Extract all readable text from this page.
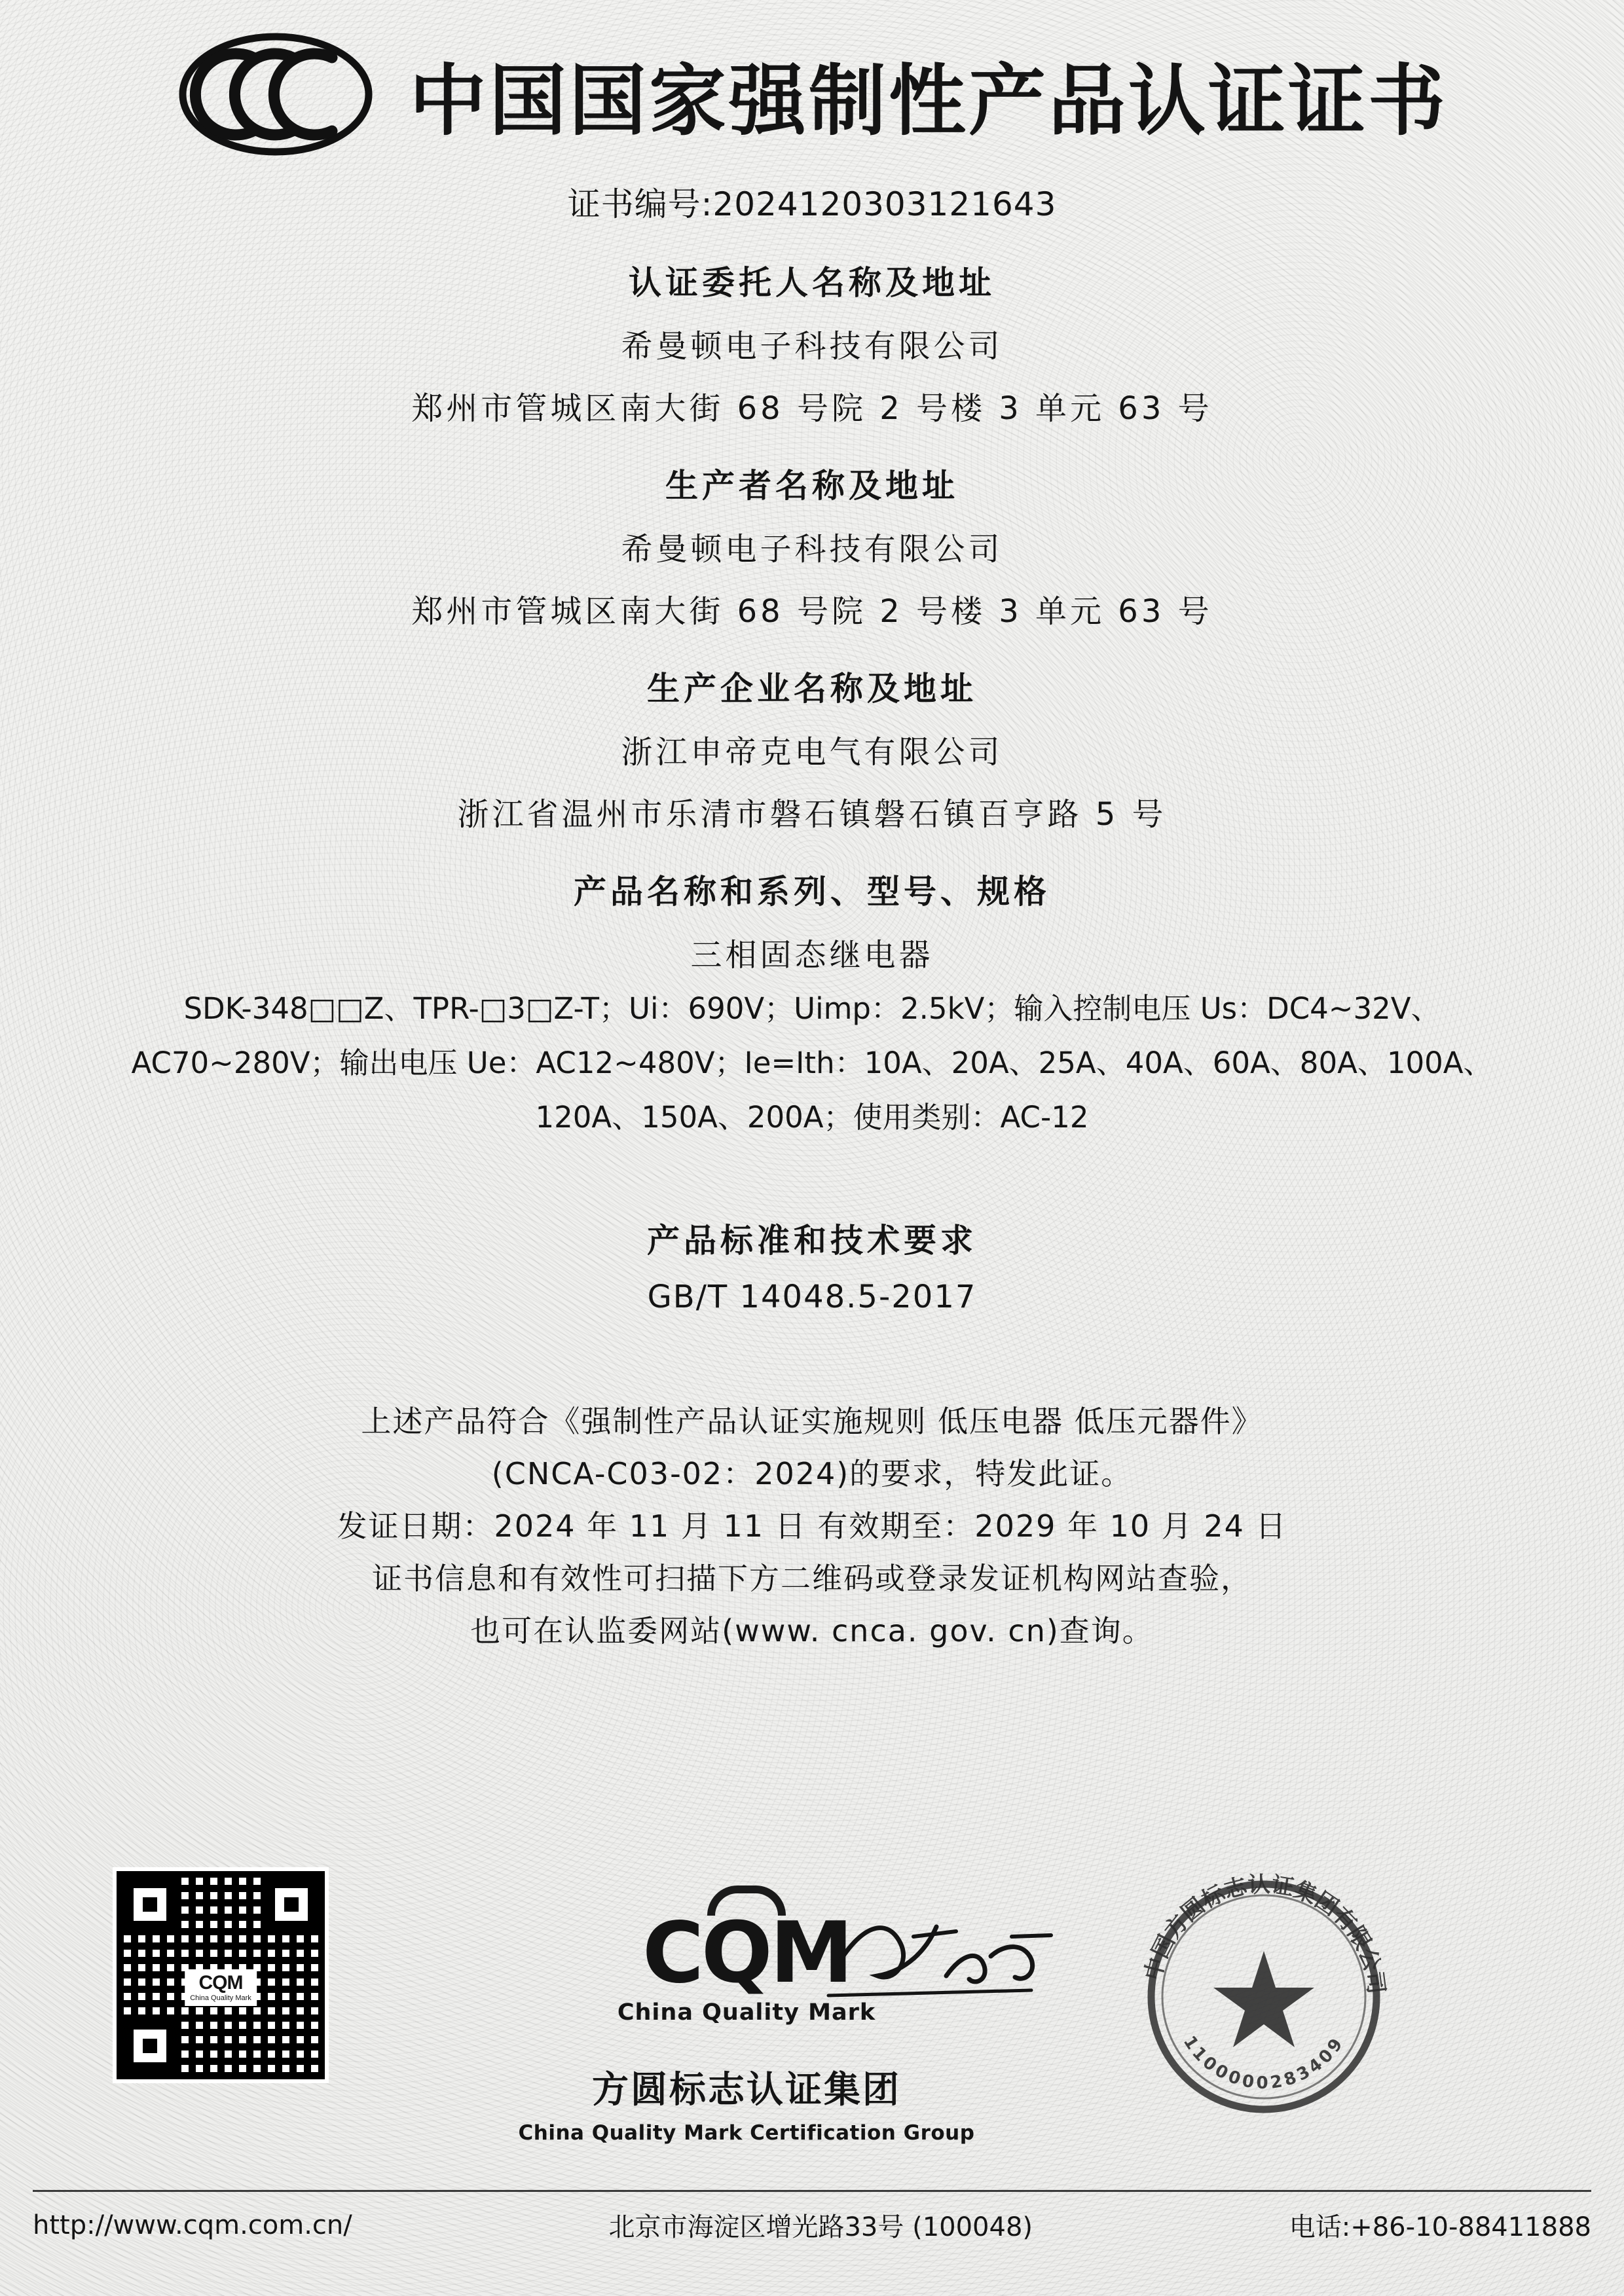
中国国家强制性产品认证证书
证书编号:2024120303121643
认证委托人名称及地址
希曼顿电子科技有限公司
郑州市管城区南大街 68 号院 2 号楼 3 单元 63 号
生产者名称及地址
希曼顿电子科技有限公司
郑州市管城区南大街 68 号院 2 号楼 3 单元 63 号
生产企业名称及地址
浙江申帝克电气有限公司
浙江省温州市乐清市磐石镇磐石镇百亨路 5 号
产品名称和系列、型号、规格
三相固态继电器
SDK-348□□Z、TPR-□3□Z-T；Ui：690V；Uimp：2.5kV；输入控制电压 Us：DC4~32V、
AC70~280V；输出电压 Ue：AC12~480V；Ie=Ith：10A、20A、25A、40A、60A、80A、100A、
120A、150A、200A；使用类别：AC-12
产品标准和技术要求
GB/T 14048.5-2017
上述产品符合《强制性产品认证实施规则 低压电器 低压元器件》
(CNCA-C03-02：2024)的要求，特发此证。
发证日期：2024 年 11 月 11 日 有效期至：2029 年 10 月 24 日
证书信息和有效性可扫描下方二维码或登录发证机构网站查验，
也可在认监委网站(www. cnca. gov. cn)查询。
CQM
China Quality Mark	CQM
China Quality Mark
方圆标志认证集团
China Quality Mark Certification Group
中国方圆标志认证集团有限公司
1100000283409
http://www.cqm.com.cn/	北京市海淀区增光路33号 (100048)	电话:+86-10-88411888
